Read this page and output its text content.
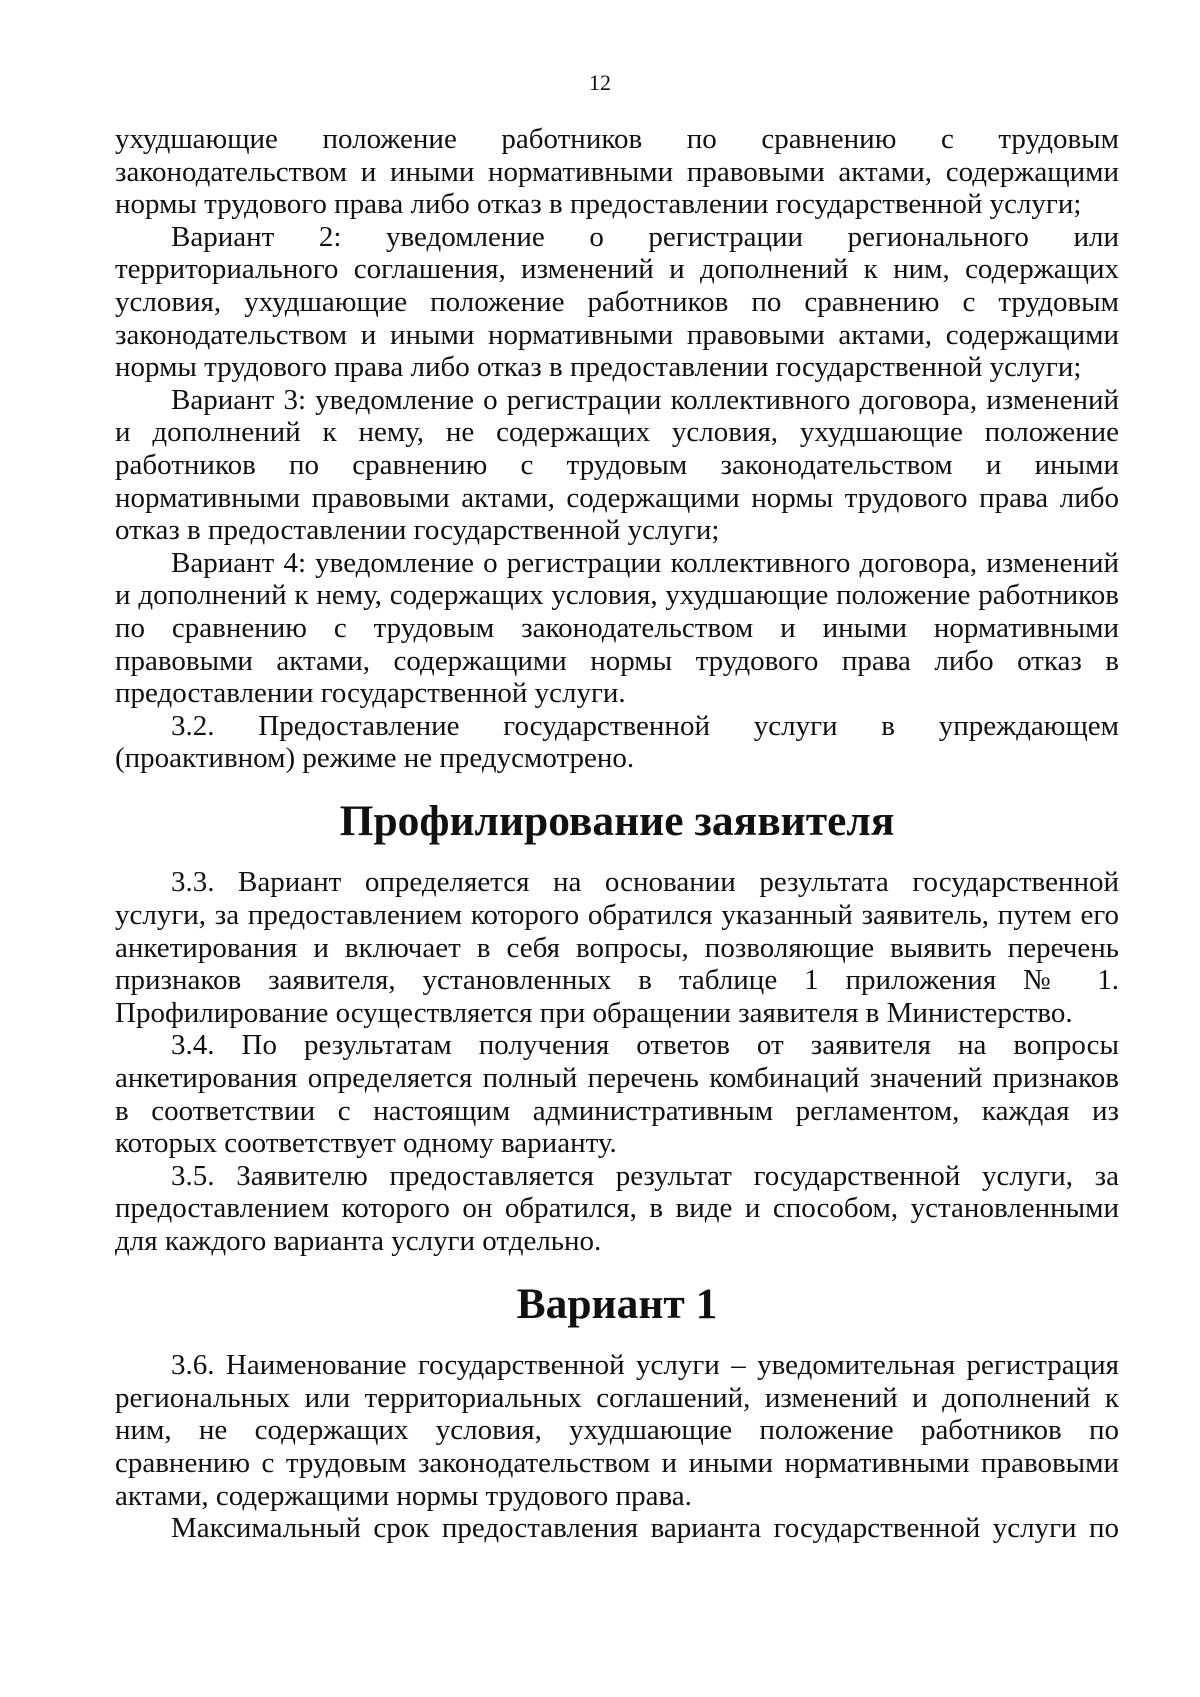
12

ухудшающие положение работников по сравнению с трудовым законодательством и иными нормативными правовыми актами, содержащими нормы трудового права либо отказ в предоставлении государственной услуги;

Вариант 2: уведомление о регистрации регионального или территориального соглашения, изменений и дополнений к ним, содержащих условия, ухудшающие положение работников по сравнению с трудовым законодательством и иными нормативными правовыми актами, содержащими нормы трудового права либо отказ в предоставлении государственной услуги;

Вариант 3: уведомление о регистрации коллективного договора, изменений и дополнений к нему, не содержащих условия, ухудшающие положение работников по сравнению с трудовым законодательством и иными нормативными правовыми актами, содержащими нормы трудового права либо отказ в предоставлении государственной услуги;

Вариант 4: уведомление о регистрации коллективного договора, изменений и дополнений к нему, содержащих условия, ухудшающие положение работников по сравнению с трудовым законодательством и иными нормативными правовыми актами, содержащими нормы трудового права либо отказ в предоставлении государственной услуги.

3.2. Предоставление государственной услуги в упреждающем (проактивном) режиме не предусмотрено.

Профилирование заявителя

3.3. Вариант определяется на основании результата государственной услуги, за предоставлением которого обратился указанный заявитель, путем его анкетирования и включает в себя вопросы, позволяющие выявить перечень признаков заявителя, установленных в таблице 1 приложения № 1. Профилирование осуществляется при обращении заявителя в Министерство.

3.4. По результатам получения ответов от заявителя на вопросы анкетирования определяется полный перечень комбинаций значений признаков в соответствии с настоящим административным регламентом, каждая из которых соответствует одному варианту.

3.5. Заявителю предоставляется результат государственной услуги, за предоставлением которого он обратился, в виде и способом, установленными для каждого варианта услуги отдельно.

Вариант 1

3.6. Наименование государственной услуги – уведомительная регистрация региональных или территориальных соглашений, изменений и дополнений к ним, не содержащих условия, ухудшающие положение работников по сравнению с трудовым законодательством и иными нормативными правовыми актами, содержащими нормы трудового права.

Максимальный срок предоставления варианта государственной услуги по
